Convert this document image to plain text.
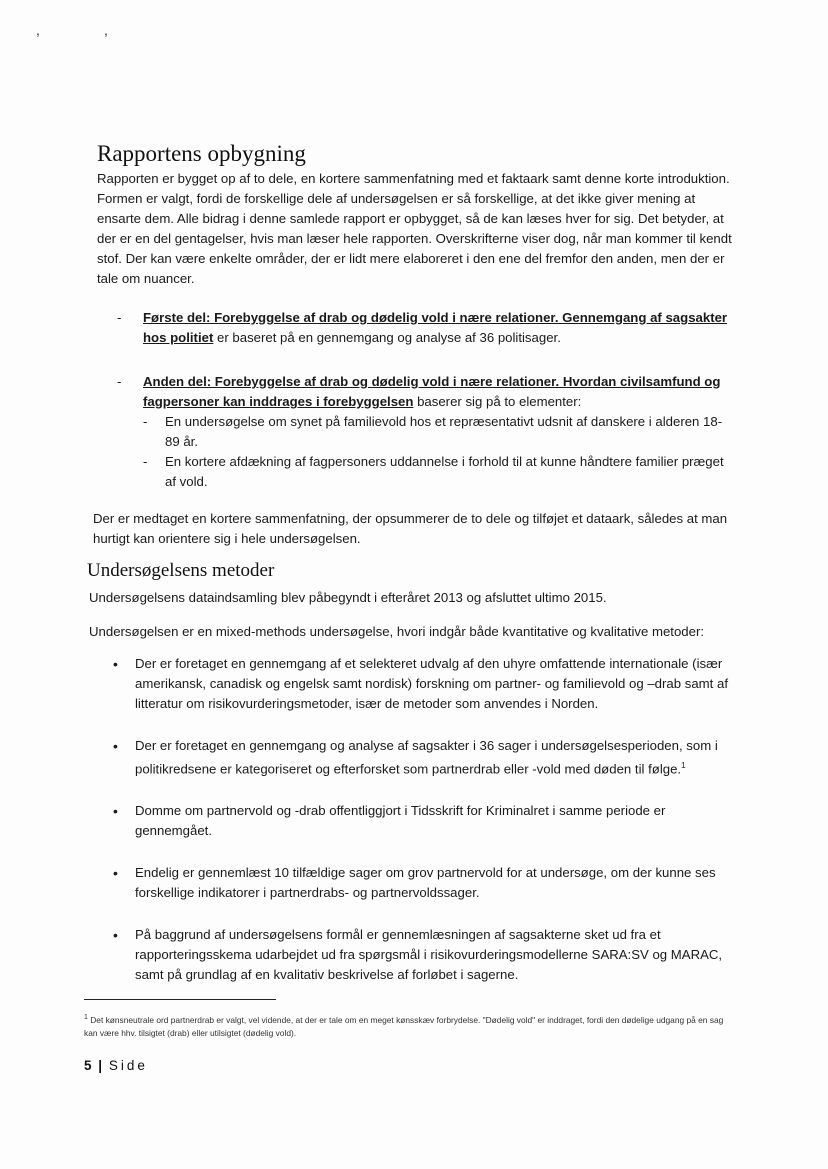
,	,
Rapportens opbygning
Rapporten er bygget op af to dele, en kortere sammenfatning med et faktaark samt denne korte introduktion. Formen er valgt, fordi de forskellige dele af undersøgelsen er så forskellige, at det ikke giver mening at ensarte dem. Alle bidrag i denne samlede rapport er opbygget, så de kan læses hver for sig. Det betyder, at der er en del gentagelser, hvis man læser hele rapporten. Overskrifterne viser dog, når man kommer til kendt stof. Der kan være enkelte områder, der er lidt mere elaboreret i den ene del fremfor den anden, men der er tale om nuancer.
- Første del: Forebyggelse af drab og dødelig vold i nære relationer. Gennemgang af sagsakter hos politiet er baseret på en gennemgang og analyse af 36 politisager.
- Anden del: Forebyggelse af drab og dødelig vold i nære relationer. Hvordan civilsamfund og fagpersoner kan inddrages i forebyggelsen baserer sig på to elementer:
- En undersøgelse om synet på familievold hos et repræsentativt udsnit af danskere i alderen 18-89 år.
- En kortere afdækning af fagpersoners uddannelse i forhold til at kunne håndtere familier præget af vold.
Der er medtaget en kortere sammenfatning, der opsummerer de to dele og tilføjet et dataark, således at man hurtigt kan orientere sig i hele undersøgelsen.
Undersøgelsens metoder
Undersøgelsens dataindsamling blev påbegyndt i efteråret 2013 og afsluttet ultimo 2015.
Undersøgelsen er en mixed-methods undersøgelse, hvori indgår både kvantitative og kvalitative metoder:
• Der er foretaget en gennemgang af et selekteret udvalg af den uhyre omfattende internationale (især amerikansk, canadisk og engelsk samt nordisk) forskning om partner- og familievold og –drab samt af litteratur om risikovurderingsmetoder, især de metoder som anvendes i Norden.
• Der er foretaget en gennemgang og analyse af sagsakter i 36 sager i undersøgelsesperioden, som i politikredsene er kategoriseret og efterforsket som partnerdrab eller -vold med døden til følge.$^1$
• Domme om partnervold og -drab offentliggjort i Tidsskrift for Kriminalret i samme periode er gennemgået.
• Endelig er gennemlæst 10 tilfældige sager om grov partnervold for at undersøge, om der kunne ses forskellige indikatorer i partnerdrabs- og partnervoldssager.
• På baggrund af undersøgelsens formål er gennemlæsningen af sagsakterne sket ud fra et rapporteringsskema udarbejdet ud fra spørgsmål i risikovurderingsmodellerne SARA:SV og MARAC, samt på grundlag af en kvalitativ beskrivelse af forløbet i sagerne.
$^1$ Det kønsneutrale ord partnerdrab er valgt, vel vidende, at der er tale om en meget kønsskæv forbrydelse. "Dødelig vold" er inddraget, fordi den dødelige udgang på en sag kan være hhv. tilsigtet (drab) eller utilsigtet (dødelig vold).
5 | Side
